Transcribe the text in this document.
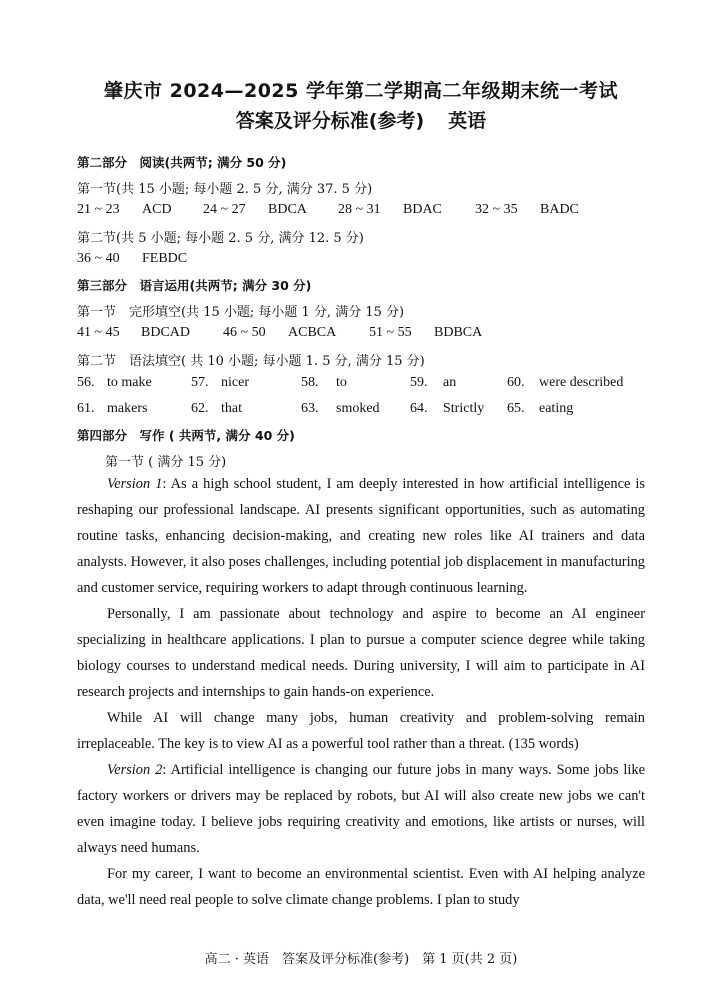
肇庆市 2024—2025 学年第二学期高二年级期末统一考试
答案及评分标准(参考) 英语
第二部分　阅读(共两节; 满分 50 分)
第一节(共 15 小题; 每小题 2. 5 分, 满分 37. 5 分)
21 ~ 23 ACD 24 ~ 27 BDCA 28 ~ 31 BDAC 32 ~ 35 BADC
第二节(共 5 小题; 每小题 2. 5 分, 满分 12. 5 分)
36 ~ 40 FEBDC
第三部分　语言运用(共两节; 满分 30 分)
第一节　完形填空(共 15 小题; 每小题 1 分, 满分 15 分)
41 ~ 45 BDCAD 46 ~ 50 ACBCA 51 ~ 55 BDBCA
第二节　语法填空( 共 10 小题; 每小题 1. 5 分, 满分 15 分)
56. to make	57. nicer	58. to	59. an	60. were described
61. makers	62. that	63. smoked 64. Strictly 65. eating
第四部分　写作 ( 共两节, 满分 40 分)
第一节 ( 满分 15 分)

Version 1: As a high school student, I am deeply interested in how artificial intelligence is reshaping our professional landscape. AI presents significant opportunities, such as automating routine tasks, enhancing decision-making, and creating new roles like AI trainers and data analysts. However, it also poses challenges, including potential job displacement in manufacturing and customer service, requiring workers to adapt through continuous learning.

Personally, I am passionate about technology and aspire to become an AI engineer specializing in healthcare applications. I plan to pursue a computer science degree while taking biology courses to understand medical needs. During university, I will aim to participate in AI research projects and internships to gain hands-on experience.

While AI will change many jobs, human creativity and problem-solving remain irreplaceable. The key is to view AI as a powerful tool rather than a threat. (135 words)

Version 2: Artificial intelligence is changing our future jobs in many ways. Some jobs like factory workers or drivers may be replaced by robots, but AI will also create new jobs we can't even imagine today. I believe jobs requiring creativity and emotions, like artists or nurses, will always need humans.

For my career, I want to become an environmental scientist. Even with AI helping analyze data, we'll need real people to solve climate change problems. I plan to study

高二 · 英语　答案及评分标准(参考)　第 1 页(共 2 页)
